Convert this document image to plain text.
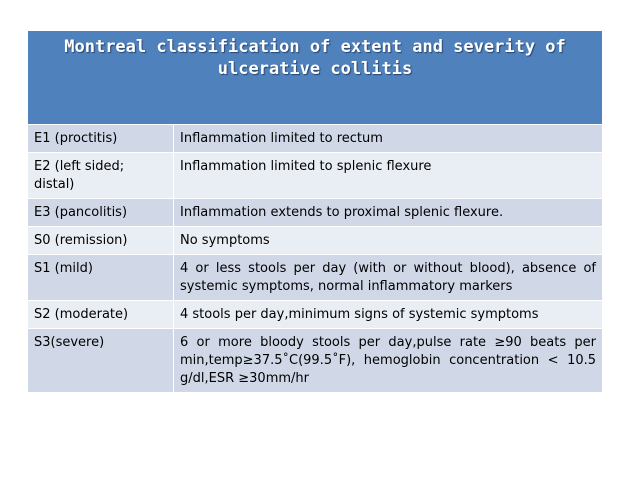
Montreal classification of extent and severity of
ulcerative collitis	

E1 (proctitis)	Inflammation limited to rectum
E2 (left sided; distal)	Inflammation limited to splenic flexure
E3 (pancolitis)	Inflammation extends to proximal splenic flexure.
S0 (remission)	No symptoms
S1 (mild)	4 or less stools per day (with or without blood), absence of systemic symptoms, normal inflammatory markers
S2 (moderate)	4 stools per day,minimum signs of systemic symptoms
S3(severe)	6 or more bloody stools per day,pulse rate ≥90 beats per min,temp≥37.5˚C(99.5˚F), hemoglobin concentration < 10.5 g/dl,ESR ≥30mm/hr
